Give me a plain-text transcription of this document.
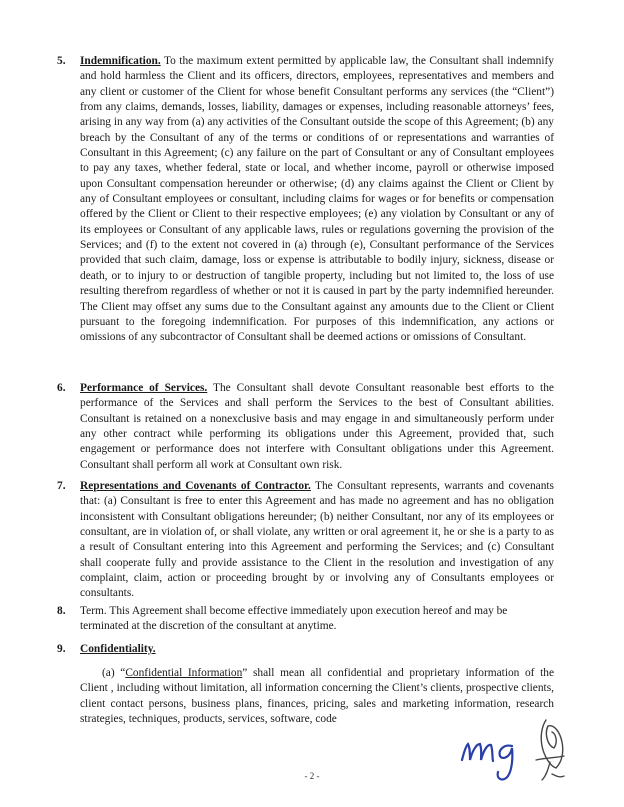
5. Indemnification. To the maximum extent permitted by applicable law, the Consultant shall indemnify and hold harmless the Client and its officers, directors, employees, representatives and members and any client or customer of the Client for whose benefit Consultant performs any services (the “Client”) from any claims, demands, losses, liability, damages or expenses, including reasonable attorneys’ fees, arising in any way from (a) any activities of the Consultant outside the scope of this Agreement; (b) any breach by the Consultant of any of the terms or conditions of or representations and warranties of Consultant in this Agreement; (c) any failure on the part of Consultant or any of Consultant employees to pay any taxes, whether federal, state or local, and whether income, payroll or otherwise imposed upon Consultant compensation hereunder or otherwise; (d) any claims against the Client or Client by any of Consultant employees or consultant, including claims for wages or for benefits or compensation offered by the Client or Client to their respective employees; (e) any violation by Consultant or any of its employees or Consultant of any applicable laws, rules or regulations governing the provision of the Services; and (f) to the extent not covered in (a) through (e), Consultant performance of the Services provided that such claim, damage, loss or expense is attributable to bodily injury, sickness, disease or death, or to injury to or destruction of tangible property, including but not limited to, the loss of use resulting therefrom regardless of whether or not it is caused in part by the party indemnified hereunder. The Client may offset any sums due to the Consultant against any amounts due to the Client or Client pursuant to the foregoing indemnification. For purposes of this indemnification, any actions or omissions of any subcontractor of Consultant shall be deemed actions or omissions of Consultant.
6. Performance of Services. The Consultant shall devote Consultant reasonable best efforts to the performance of the Services and shall perform the Services to the best of Consultant abilities. Consultant is retained on a nonexclusive basis and may engage in and simultaneously perform under any other contract while performing its obligations under this Agreement, provided that, such engagement or performance does not interfere with Consultant obligations under this Agreement. Consultant shall perform all work at Consultant own risk.
7. Representations and Covenants of Contractor. The Consultant represents, warrants and covenants that: (a) Consultant is free to enter this Agreement and has made no agreement and has no obligation inconsistent with Consultant obligations hereunder; (b) neither Consultant, nor any of its employees or consultant, are in violation of, or shall violate, any written or oral agreement it, he or she is a party to as a result of Consultant entering into this Agreement and performing the Services; and (c) Consultant shall cooperate fully and provide assistance to the Client in the resolution and investigation of any complaint, claim, action or proceeding brought by or involving any of Consultants employees or consultants.
8. Term. This Agreement shall become effective immediately upon execution hereof and may be terminated at the discretion of the consultant at anytime.
9. Confidentiality.
(a) “Confidential Information” shall mean all confidential and proprietary information of the Client , including without limitation, all information concerning the Client’s clients, prospective clients, client contact persons, business plans, finances, pricing, sales and marketing information, research strategies, techniques, products, services, software, code
- 2 -
